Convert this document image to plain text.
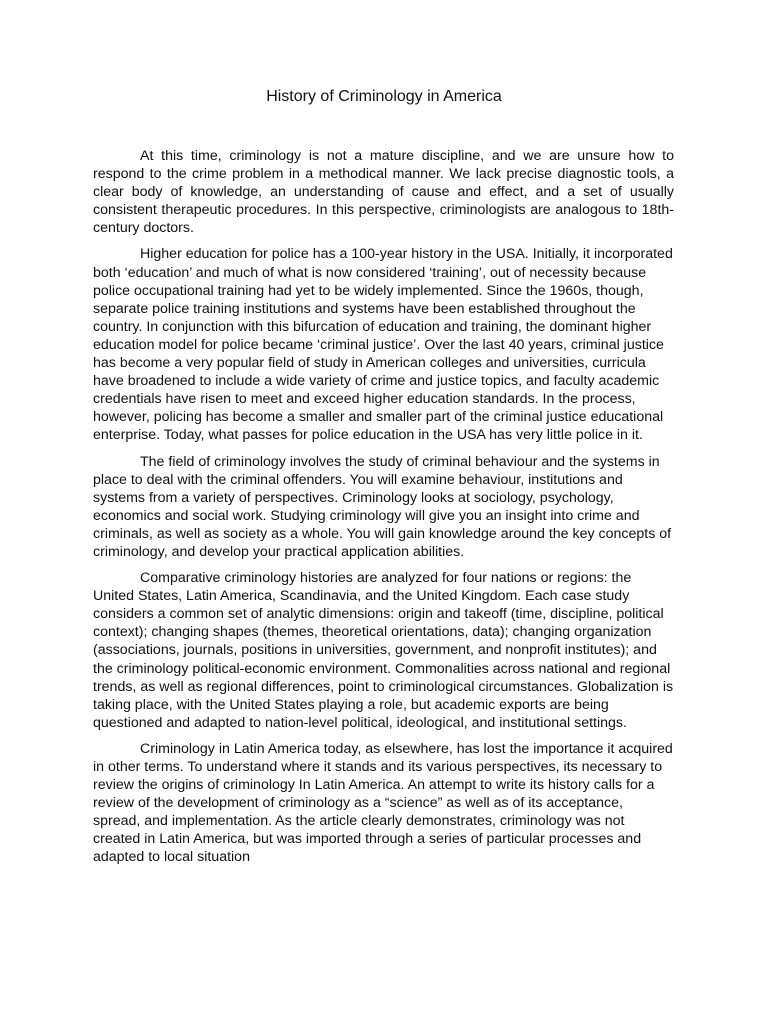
History of Criminology in America

At this time, criminology is not a mature discipline, and we are unsure how to respond to the crime problem in a methodical manner. We lack precise diagnostic tools, a clear body of knowledge, an understanding of cause and effect, and a set of usually consistent therapeutic procedures. In this perspective, criminologists are analogous to 18th-century doctors.

Higher education for police has a 100-year history in the USA. Initially, it incorporated both ‘education’ and much of what is now considered ‘training’, out of necessity because police occupational training had yet to be widely implemented. Since the 1960s, though, separate police training institutions and systems have been established throughout the country. In conjunction with this bifurcation of education and training, the dominant higher education model for police became ‘criminal justice’. Over the last 40 years, criminal justice has become a very popular field of study in American colleges and universities, curricula have broadened to include a wide variety of crime and justice topics, and faculty academic credentials have risen to meet and exceed higher education standards. In the process, however, policing has become a smaller and smaller part of the criminal justice educational enterprise. Today, what passes for police education in the USA has very little police in it.

The field of criminology involves the study of criminal behaviour and the systems in place to deal with the criminal offenders. You will examine behaviour, institutions and systems from a variety of perspectives. Criminology looks at sociology, psychology, economics and social work. Studying criminology will give you an insight into crime and criminals, as well as society as a whole. You will gain knowledge around the key concepts of criminology, and develop your practical application abilities.

Comparative criminology histories are analyzed for four nations or regions: the United States, Latin America, Scandinavia, and the United Kingdom. Each case study considers a common set of analytic dimensions: origin and takeoff (time, discipline, political context); changing shapes (themes, theoretical orientations, data); changing organization (associations, journals, positions in universities, government, and nonprofit institutes); and the criminology political-economic environment. Commonalities across national and regional trends, as well as regional differences, point to criminological circumstances. Globalization is taking place, with the United States playing a role, but academic exports are being questioned and adapted to nation-level political, ideological, and institutional settings.

Criminology in Latin America today, as elsewhere, has lost the importance it acquired in other terms. To understand where it stands and its various perspectives, its necessary to review the origins of criminology In Latin America. An attempt to write its history calls for a review of the development of criminology as a “science” as well as of its acceptance, spread, and implementation. As the article clearly demonstrates, criminology was not created in Latin America, but was imported through a series of particular processes and adapted to local situation
